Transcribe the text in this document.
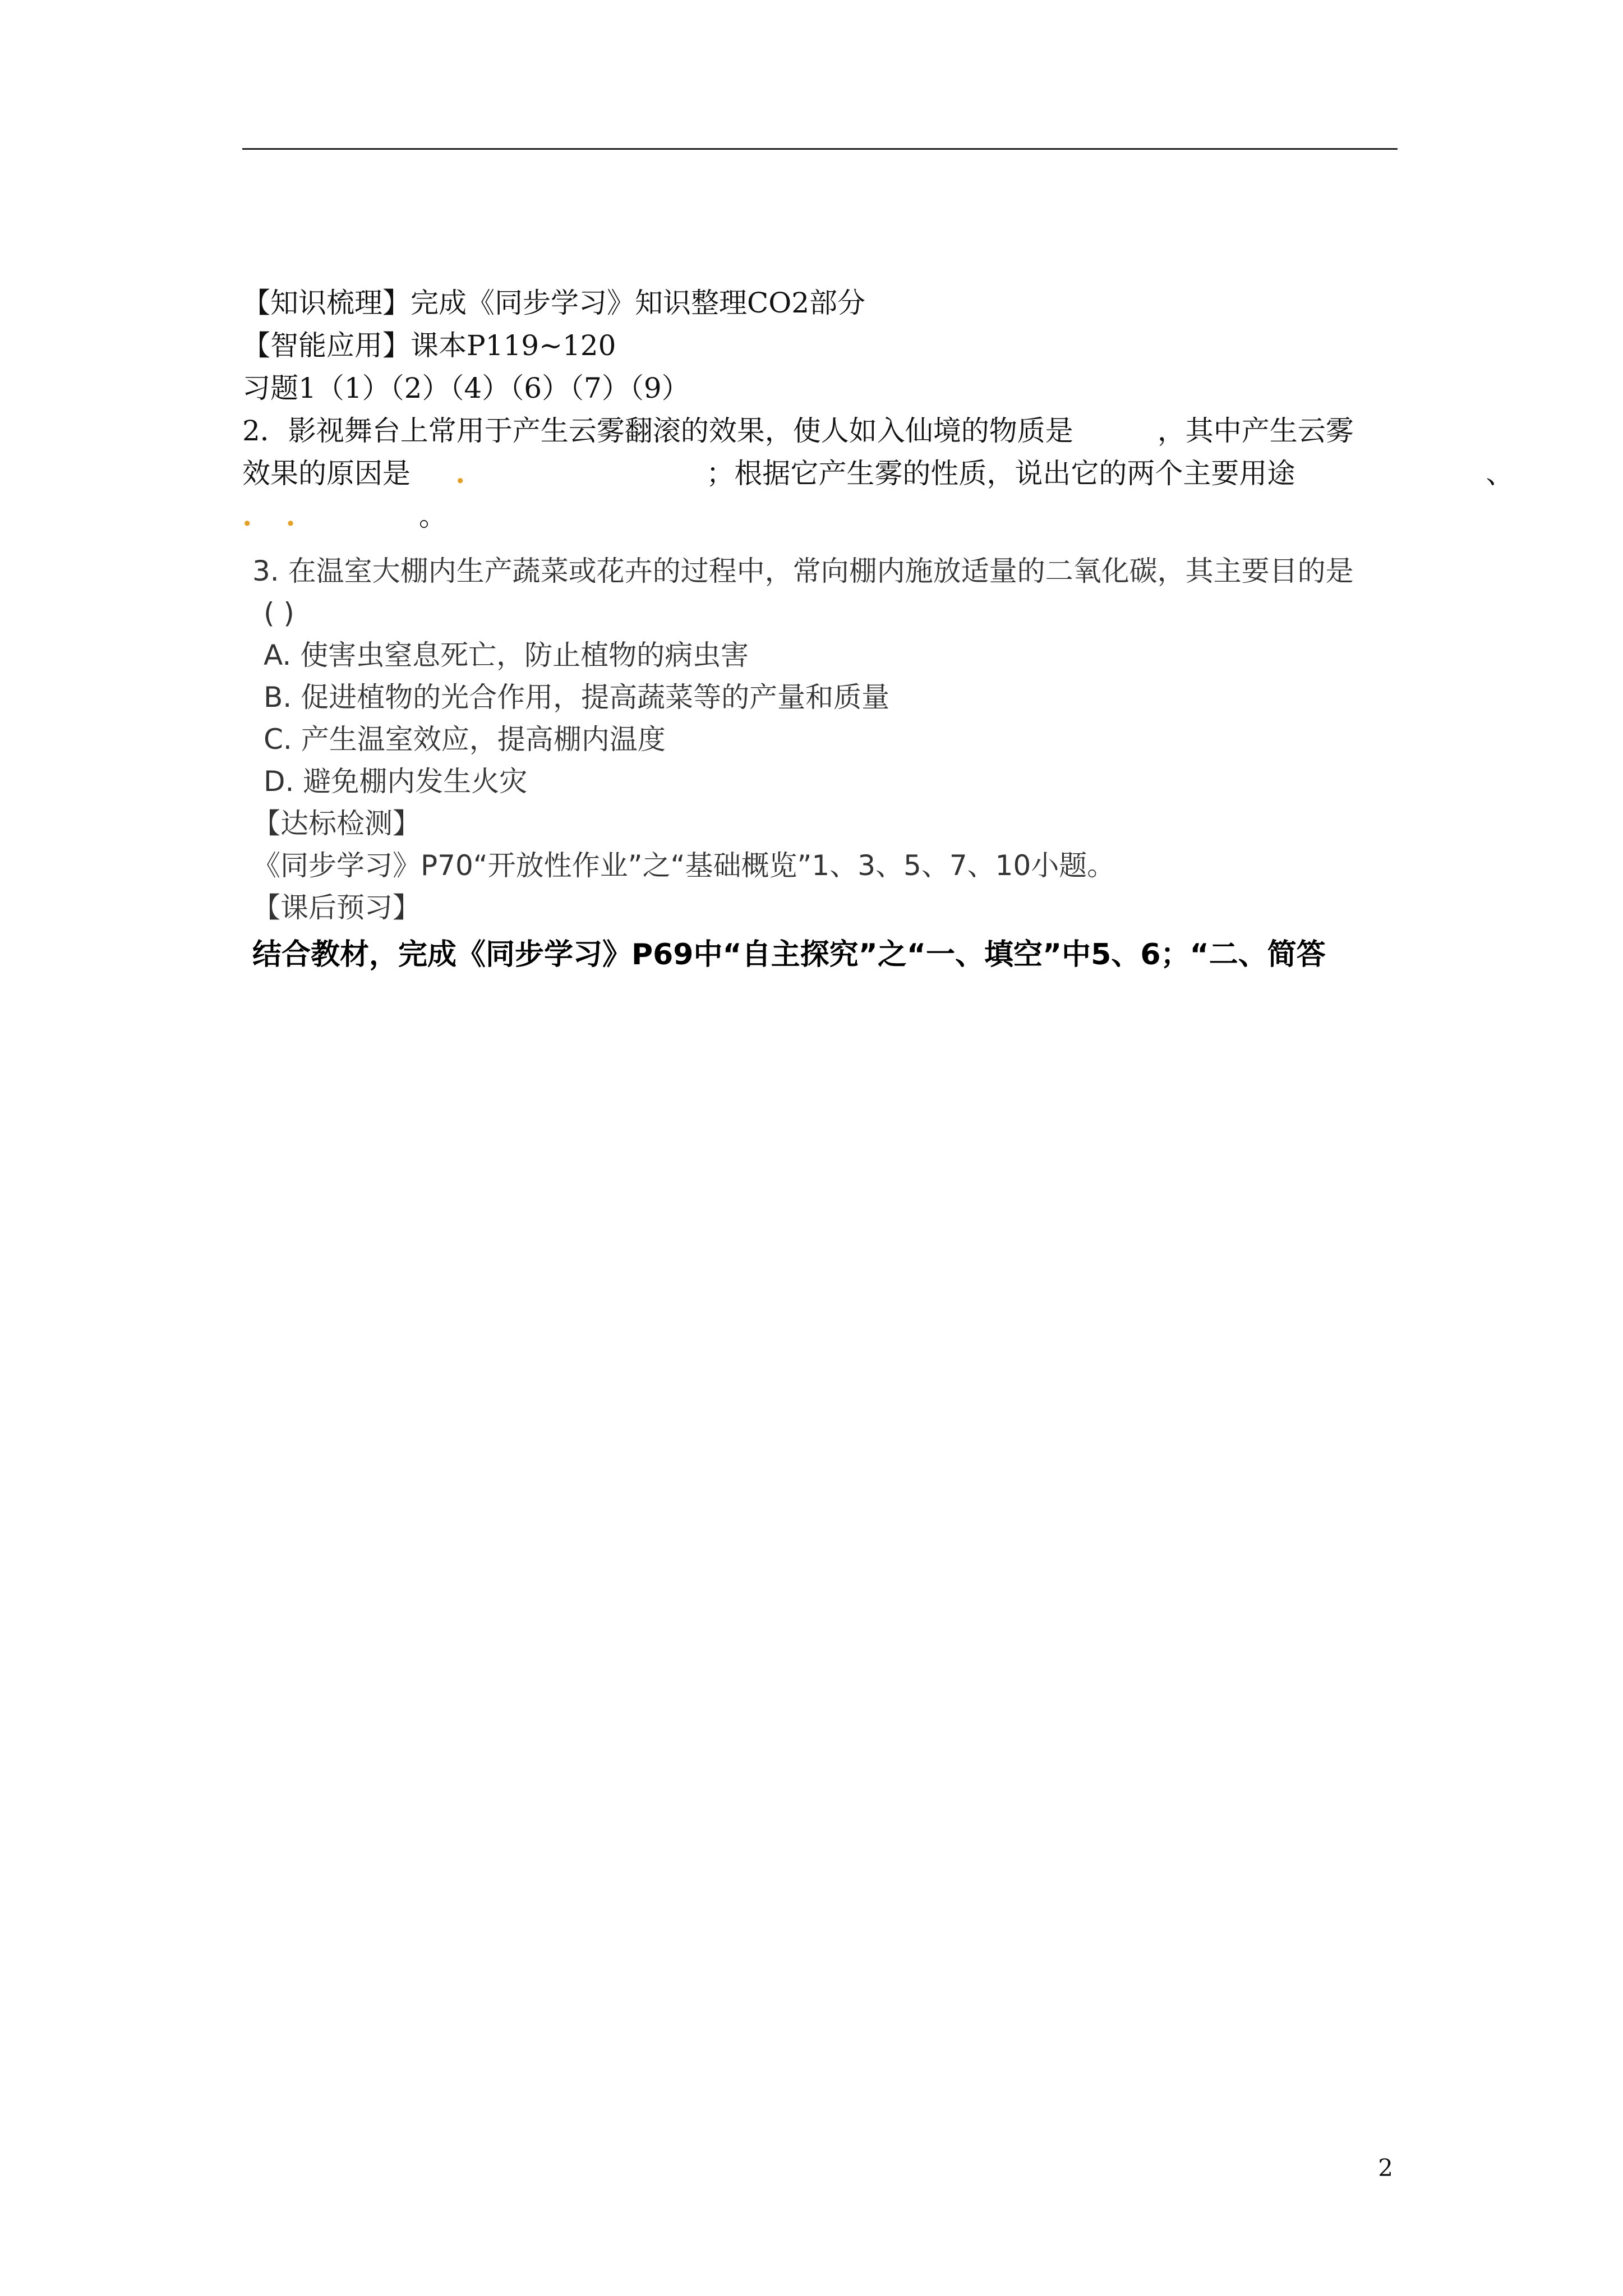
【知识梳理】完成《同步学习》知识整理CO2部分
【智能应用】课本P119~120
习题1（1）（2）（4）（6）（7）（9）
2．影视舞台上常用于产生云雾翻滚的效果，使人如入仙境的物质是	，其中产生云雾
效果的原因是 .	；根据它产生雾的性质，说出它的两个主要用途	、
. .	。
3. 在温室大棚内生产蔬菜或花卉的过程中，常向棚内施放适量的二氧化碳，其主要目的是
( )
A. 使害虫窒息死亡，防止植物的病虫害
B. 促进植物的光合作用，提高蔬菜等的产量和质量
C. 产生温室效应，提高棚内温度
D. 避免棚内发生火灾
【达标检测】
《同步学习》P70“开放性作业”之“基础概览”1、3、5、7、10小题。
【课后预习】
结合教材，完成《同步学习》P69中“自主探究”之“一、填空”中5、6；“二、简答
2
